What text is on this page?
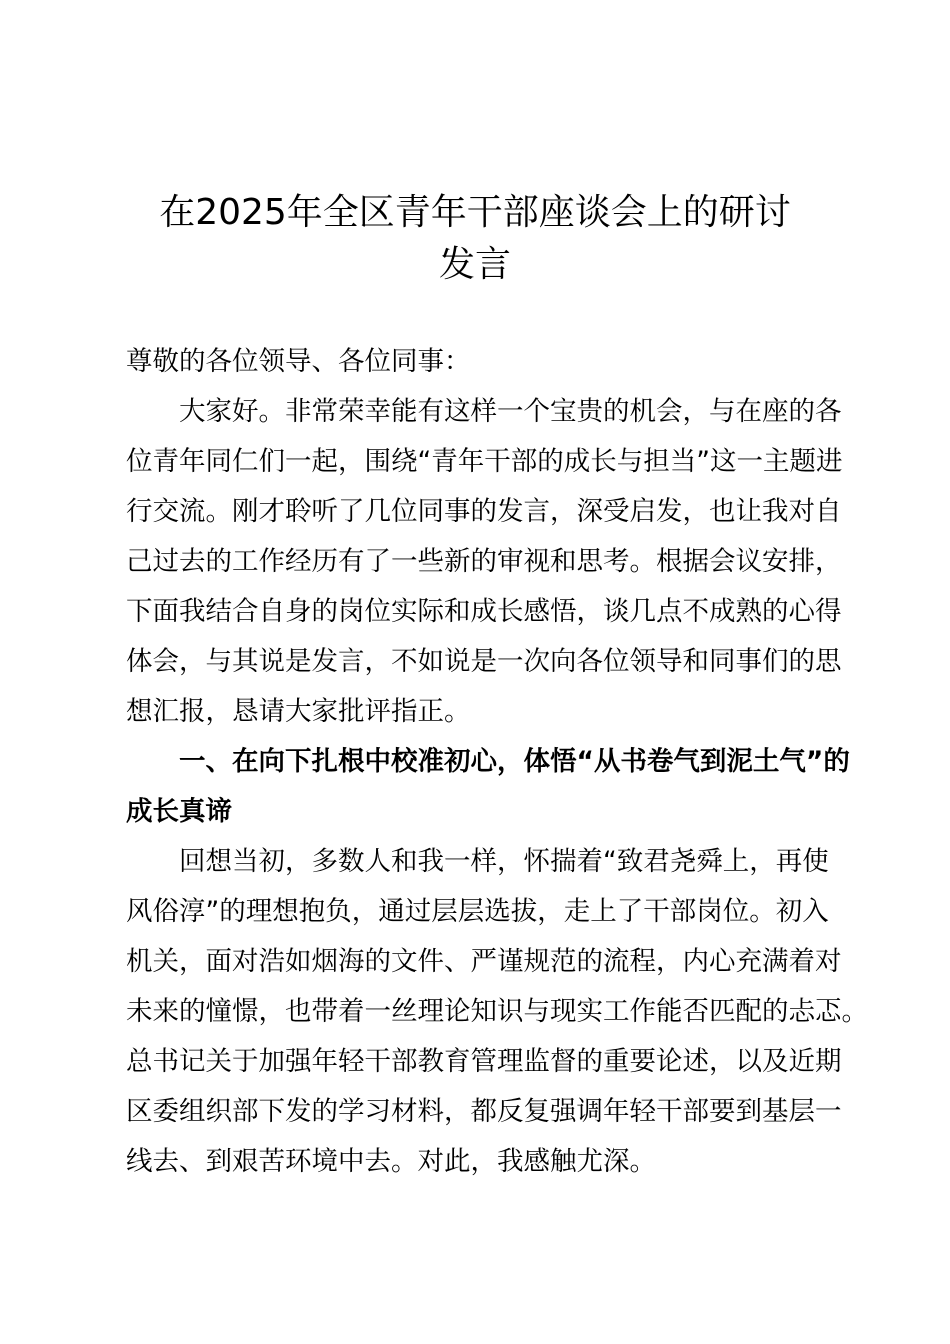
在2025年全区青年干部座谈会上的研讨
发言
尊敬的各位领导、各位同事：
大家好。非常荣幸能有这样一个宝贵的机会，与在座的各
位青年同仁们一起，围绕“青年干部的成长与担当”这一主题进
行交流。刚才聆听了几位同事的发言，深受启发，也让我对自
己过去的工作经历有了一些新的审视和思考。根据会议安排，
下面我结合自身的岗位实际和成长感悟，谈几点不成熟的心得
体会，与其说是发言，不如说是一次向各位领导和同事们的思
想汇报，恳请大家批评指正。
一、在向下扎根中校准初心，体悟“从书卷气到泥土气”的
成长真谛
回想当初，多数人和我一样，怀揣着“致君尧舜上，再使
风俗淳”的理想抱负，通过层层选拔，走上了干部岗位。初入
机关，面对浩如烟海的文件、严谨规范的流程，内心充满着对
未来的憧憬，也带着一丝理论知识与现实工作能否匹配的忐忑。
总书记关于加强年轻干部教育管理监督的重要论述，以及近期
区委组织部下发的学习材料，都反复强调年轻干部要到基层一
线去、到艰苦环境中去。对此，我感触尤深。
